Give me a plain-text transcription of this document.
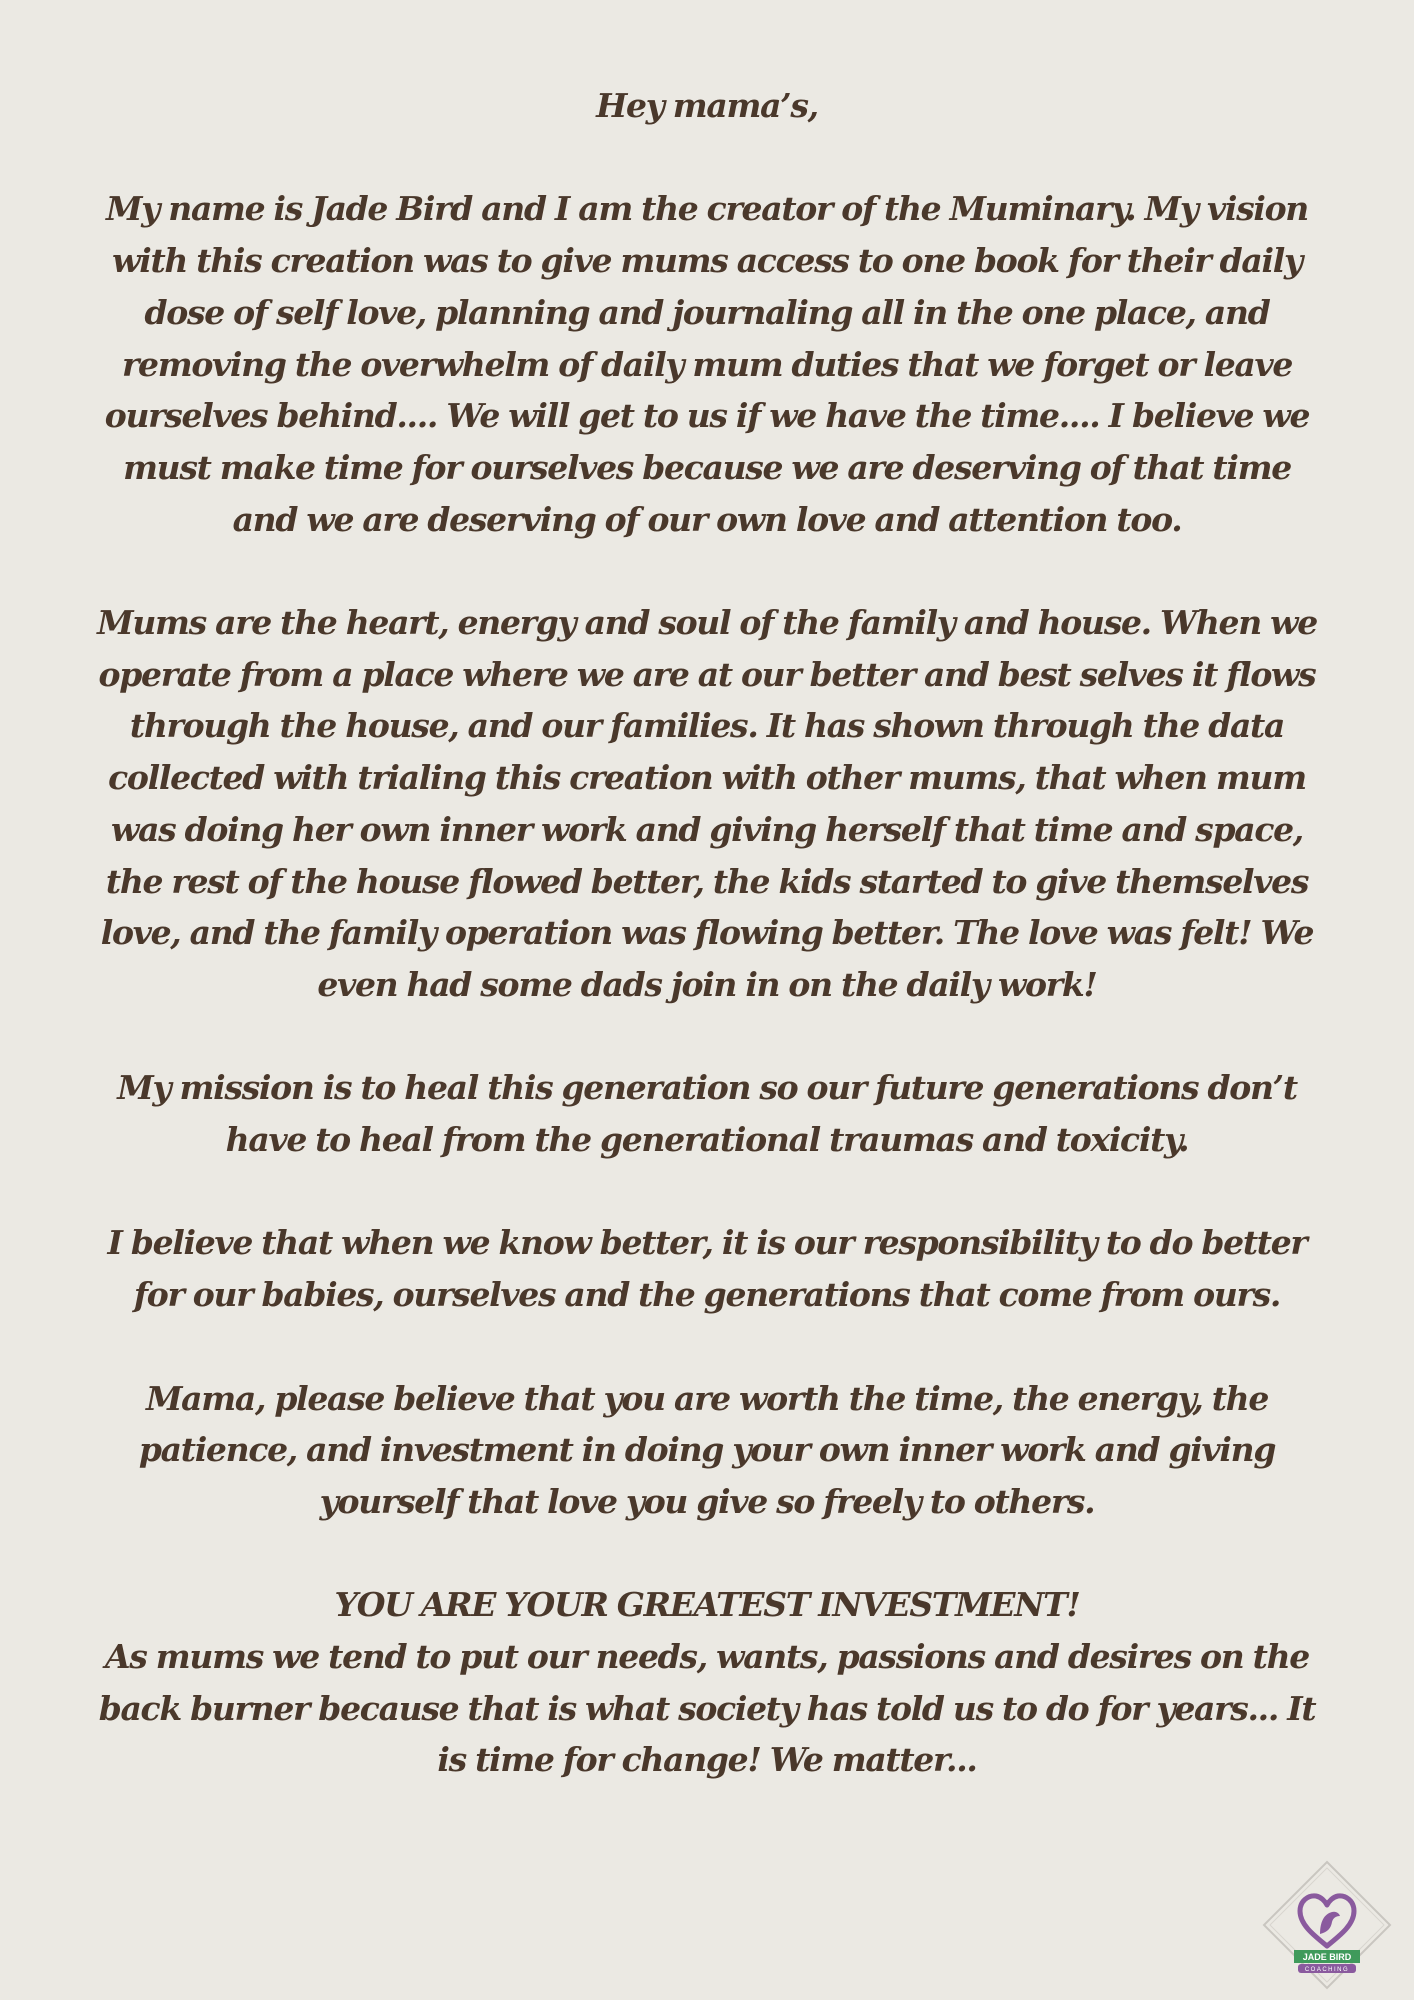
Hey mama’s,

My name is Jade Bird and I am the creator of the Muminary. My vision with this creation was to give mums access to one book for their daily dose of self love, planning and journaling all in the one place, and removing the overwhelm of daily mum duties that we forget or leave ourselves behind.... We will get to us if we have the time.... I believe we must make time for ourselves because we are deserving of that time and we are deserving of our own love and attention too.

Mums are the heart, energy and soul of the family and house. When we operate from a place where we are at our better and best selves it flows through the house, and our families. It has shown through the data collected with trialing this creation with other mums, that when mum was doing her own inner work and giving herself that time and space, the rest of the house flowed better, the kids started to give themselves love, and the family operation was flowing better. The love was felt! We even had some dads join in on the daily work!

My mission is to heal this generation so our future generations don’t have to heal from the generational traumas and toxicity.

I believe that when we know better, it is our responsibility to do better for our babies, ourselves and the generations that come from ours.

Mama, please believe that you are worth the time, the energy, the patience, and investment in doing your own inner work and giving yourself that love you give so freely to others.

YOU ARE YOUR GREATEST INVESTMENT!

As mums we tend to put our needs, wants, passions and desires on the back burner because that is what society has told us to do for years... It is time for change! We matter...

JADE BIRD
COACHING
